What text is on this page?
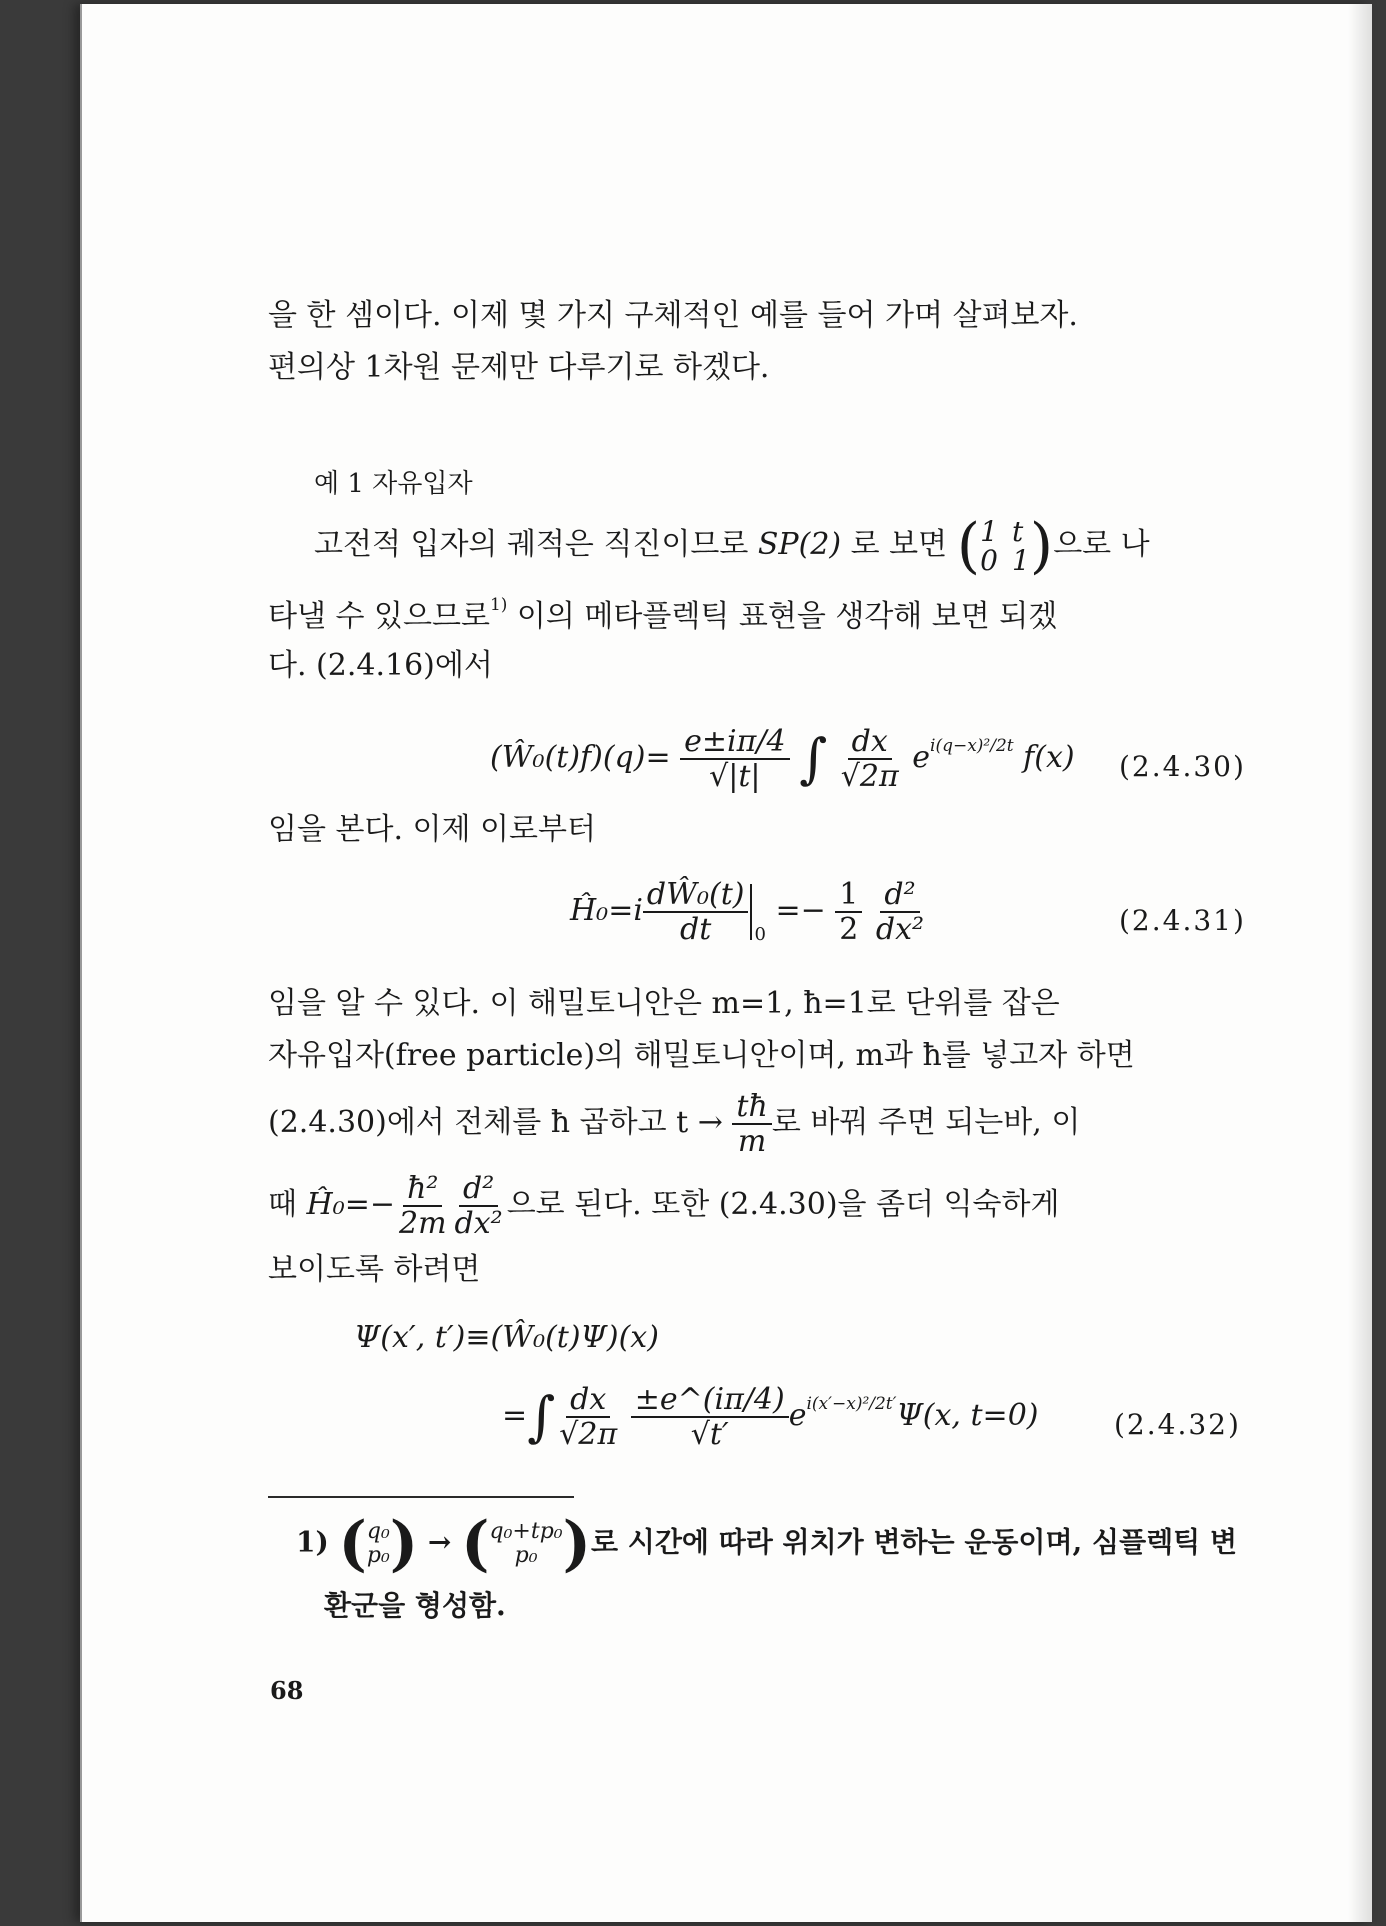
을 한 셈이다. 이제 몇 가지 구체적인 예를 들어 가며 살펴보자.
편의상 1차원 문제만 다루기로 하겠다.
예 1 자유입자
고전적 입자의 궤적은 직진이므로 SP(2) 로 보면 ( 1 t
0 1 ) 으로 나
타낼 수 있으므로$^{1)}$ 이의 메타플렉틱 표현을 생각해 보면 되겠
다. (2.4.16)에서
(Ŵ₀(t)f)(q)= $\frac{e\pm i\pi/4}{√|t|}$ ∫ $\frac{dx}{√2\pi} e^{i(q-x)^2/2t}$ f(x) (2.4.30)
임을 본다. 이제 이로부터
Ĥ₀=i $\frac{\text{dŴ₀(t)}}{dt} _0 =- \frac{1}{2}$
$\frac{\text{d²}}{\text{dx²}}$	(2.4.31)
임을 알 수 있다. 이 해밀토니안은 m=1, ħ=1로 단위를 잡은
자유입자(free particle)의 해밀토니안이며, m과 ħ를 넣고자 하면
(2.4.30)에서 전체를 ħ 곱하고 $t \to \frac{tħ}{m}$ 로 바꿔 주면 되는바, 이
때 Ĥ₀=− $\frac{\text{ħ²}}{2m} \frac{\text{d²}}{\text{dx²}}$ 으로 된다. 또한 (2.4.30)을 좀더 익숙하게
보이도록 하려면
Ψ(x′, t′)≡(Ŵ₀(t)Ψ)(x)
=∫ $\frac{dx}{√2\pi}$
$\frac{\pm e\^{}(i\pi/4)}{√t'} e^{i(x'-x)^2/2t'}\Psi(x$, t=0)	(2.4.32)
1) ( q₀
p₀ ) → ( q₀+tp₀
p₀ ) 로 시간에 따라 위치가 변하는 운동이며, 심플렉틱 변
환군을 형성함.
68
